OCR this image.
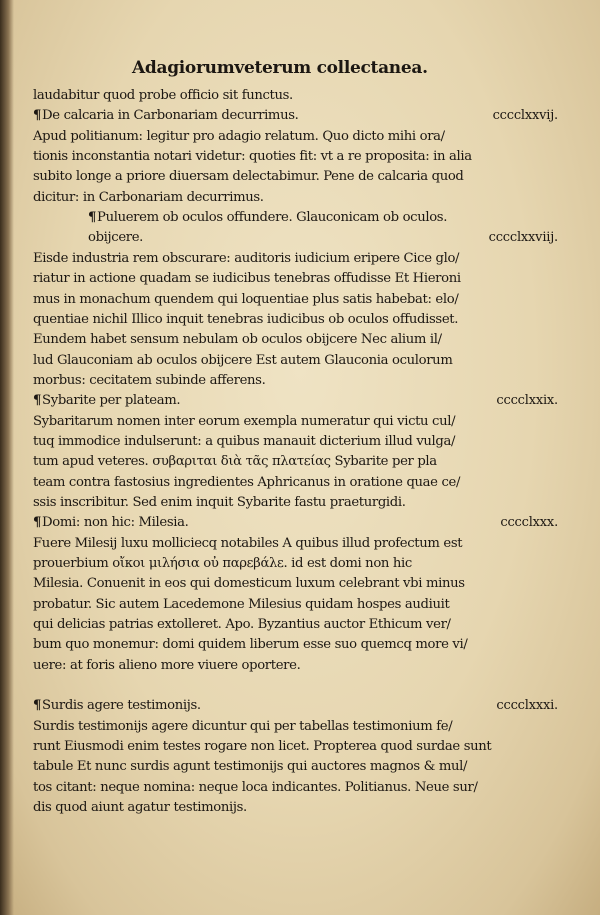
Adagiorumveterum collectanea.
laudabitur quod probe officio sit functus.
¶De calcaria in Carbonariam decurrimus.	cccclxxvij.
Apud politianum: legitur pro adagio relatum. Quo dicto mihi ora/
tionis inconstantia notari videtur: quoties fit: vt a re proposita: in alia
subito longe a priore diuersam delectabimur. Pene de calcaria quod
dicitur: in Carbonariam decurrimus.
¶Puluerem ob oculos offundere. Glauconicam ob oculos.
obijcere.	cccclxxviij.
Eisde industria rem obscurare: auditoris iudicium eripere Cice glo/
riatur in actione quadam se iudicibus tenebras offudisse Et Hieroni
mus in monachum quendem qui loquentiae plus satis habebat: elo/
quentiae nichil Illico inquit tenebras iudicibus ob oculos offudisset.
Eundem habet sensum nebulam ob oculos obijcere Nec alium il/
lud Glauconiam ab oculos obijcere Est autem Glauconia oculorum
morbus: cecitatem subinde afferens.
¶Sybarite per plateam.	cccclxxix.
Sybaritarum nomen inter eorum exempla numeratur qui victu cul/
tuq immodice indulserunt: a quibus manauit dicterium illud vulga/
tum apud veteres. συβαριται διὰ τᾶς πλατείας Sybarite per pla
team contra fastosius ingredientes Aphricanus in oratione quae ce/
ssis inscribitur. Sed enim inquit Sybarite fastu praeturgidi.
¶Domi: non hic: Milesia.	cccclxxx.
Fuere Milesij luxu molliciecq notabiles A quibus illud profectum est
prouerbium οἴκοι μιλήσια οὐ παρεβάλε. id est domi non hic
Milesia. Conuenit in eos qui domesticum luxum celebrant vbi minus
probatur. Sic autem Lacedemone Milesius quidam hospes audiuit
qui delicias patrias extolleret. Apo. Byzantius auctor Ethicum ver/
bum quo monemur: domi quidem liberum esse suo quemcq more vi/
uere: at foris alieno more viuere oportere.
¶Surdis agere testimonijs.	cccclxxxi.
Surdis testimonijs agere dicuntur qui per tabellas testimonium fe/
runt Eiusmodi enim testes rogare non licet. Propterea quod surdae sunt
tabule Et nunc surdis agunt testimonijs qui auctores magnos & mul/
tos citant: neque nomina: neque loca indicantes. Politianus. Neue sur/
dis quod aiunt agatur testimonijs.
